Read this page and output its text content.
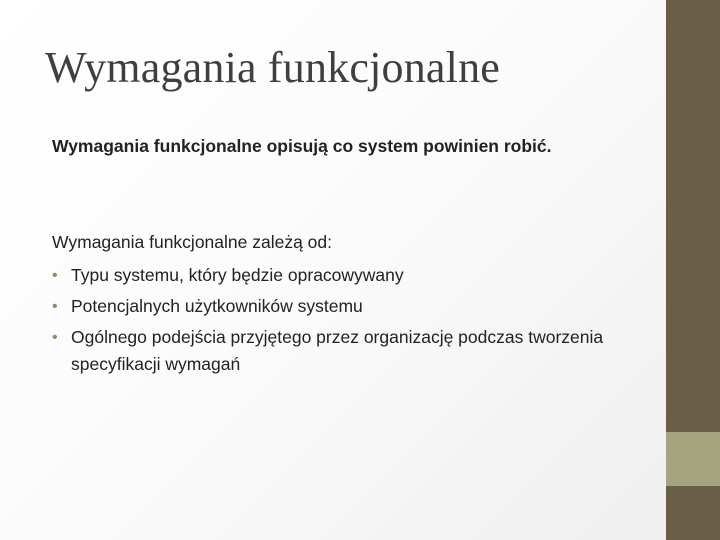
Wymagania funkcjonalne

Wymagania funkcjonalne opisują co system powinien robić.

Wymagania funkcjonalne zależą od:

• Typu systemu, który będzie opracowywany
• Potencjalnych użytkowników systemu
• Ogólnego podejścia przyjętego przez organizację podczas tworzenia specyfikacji wymagań
